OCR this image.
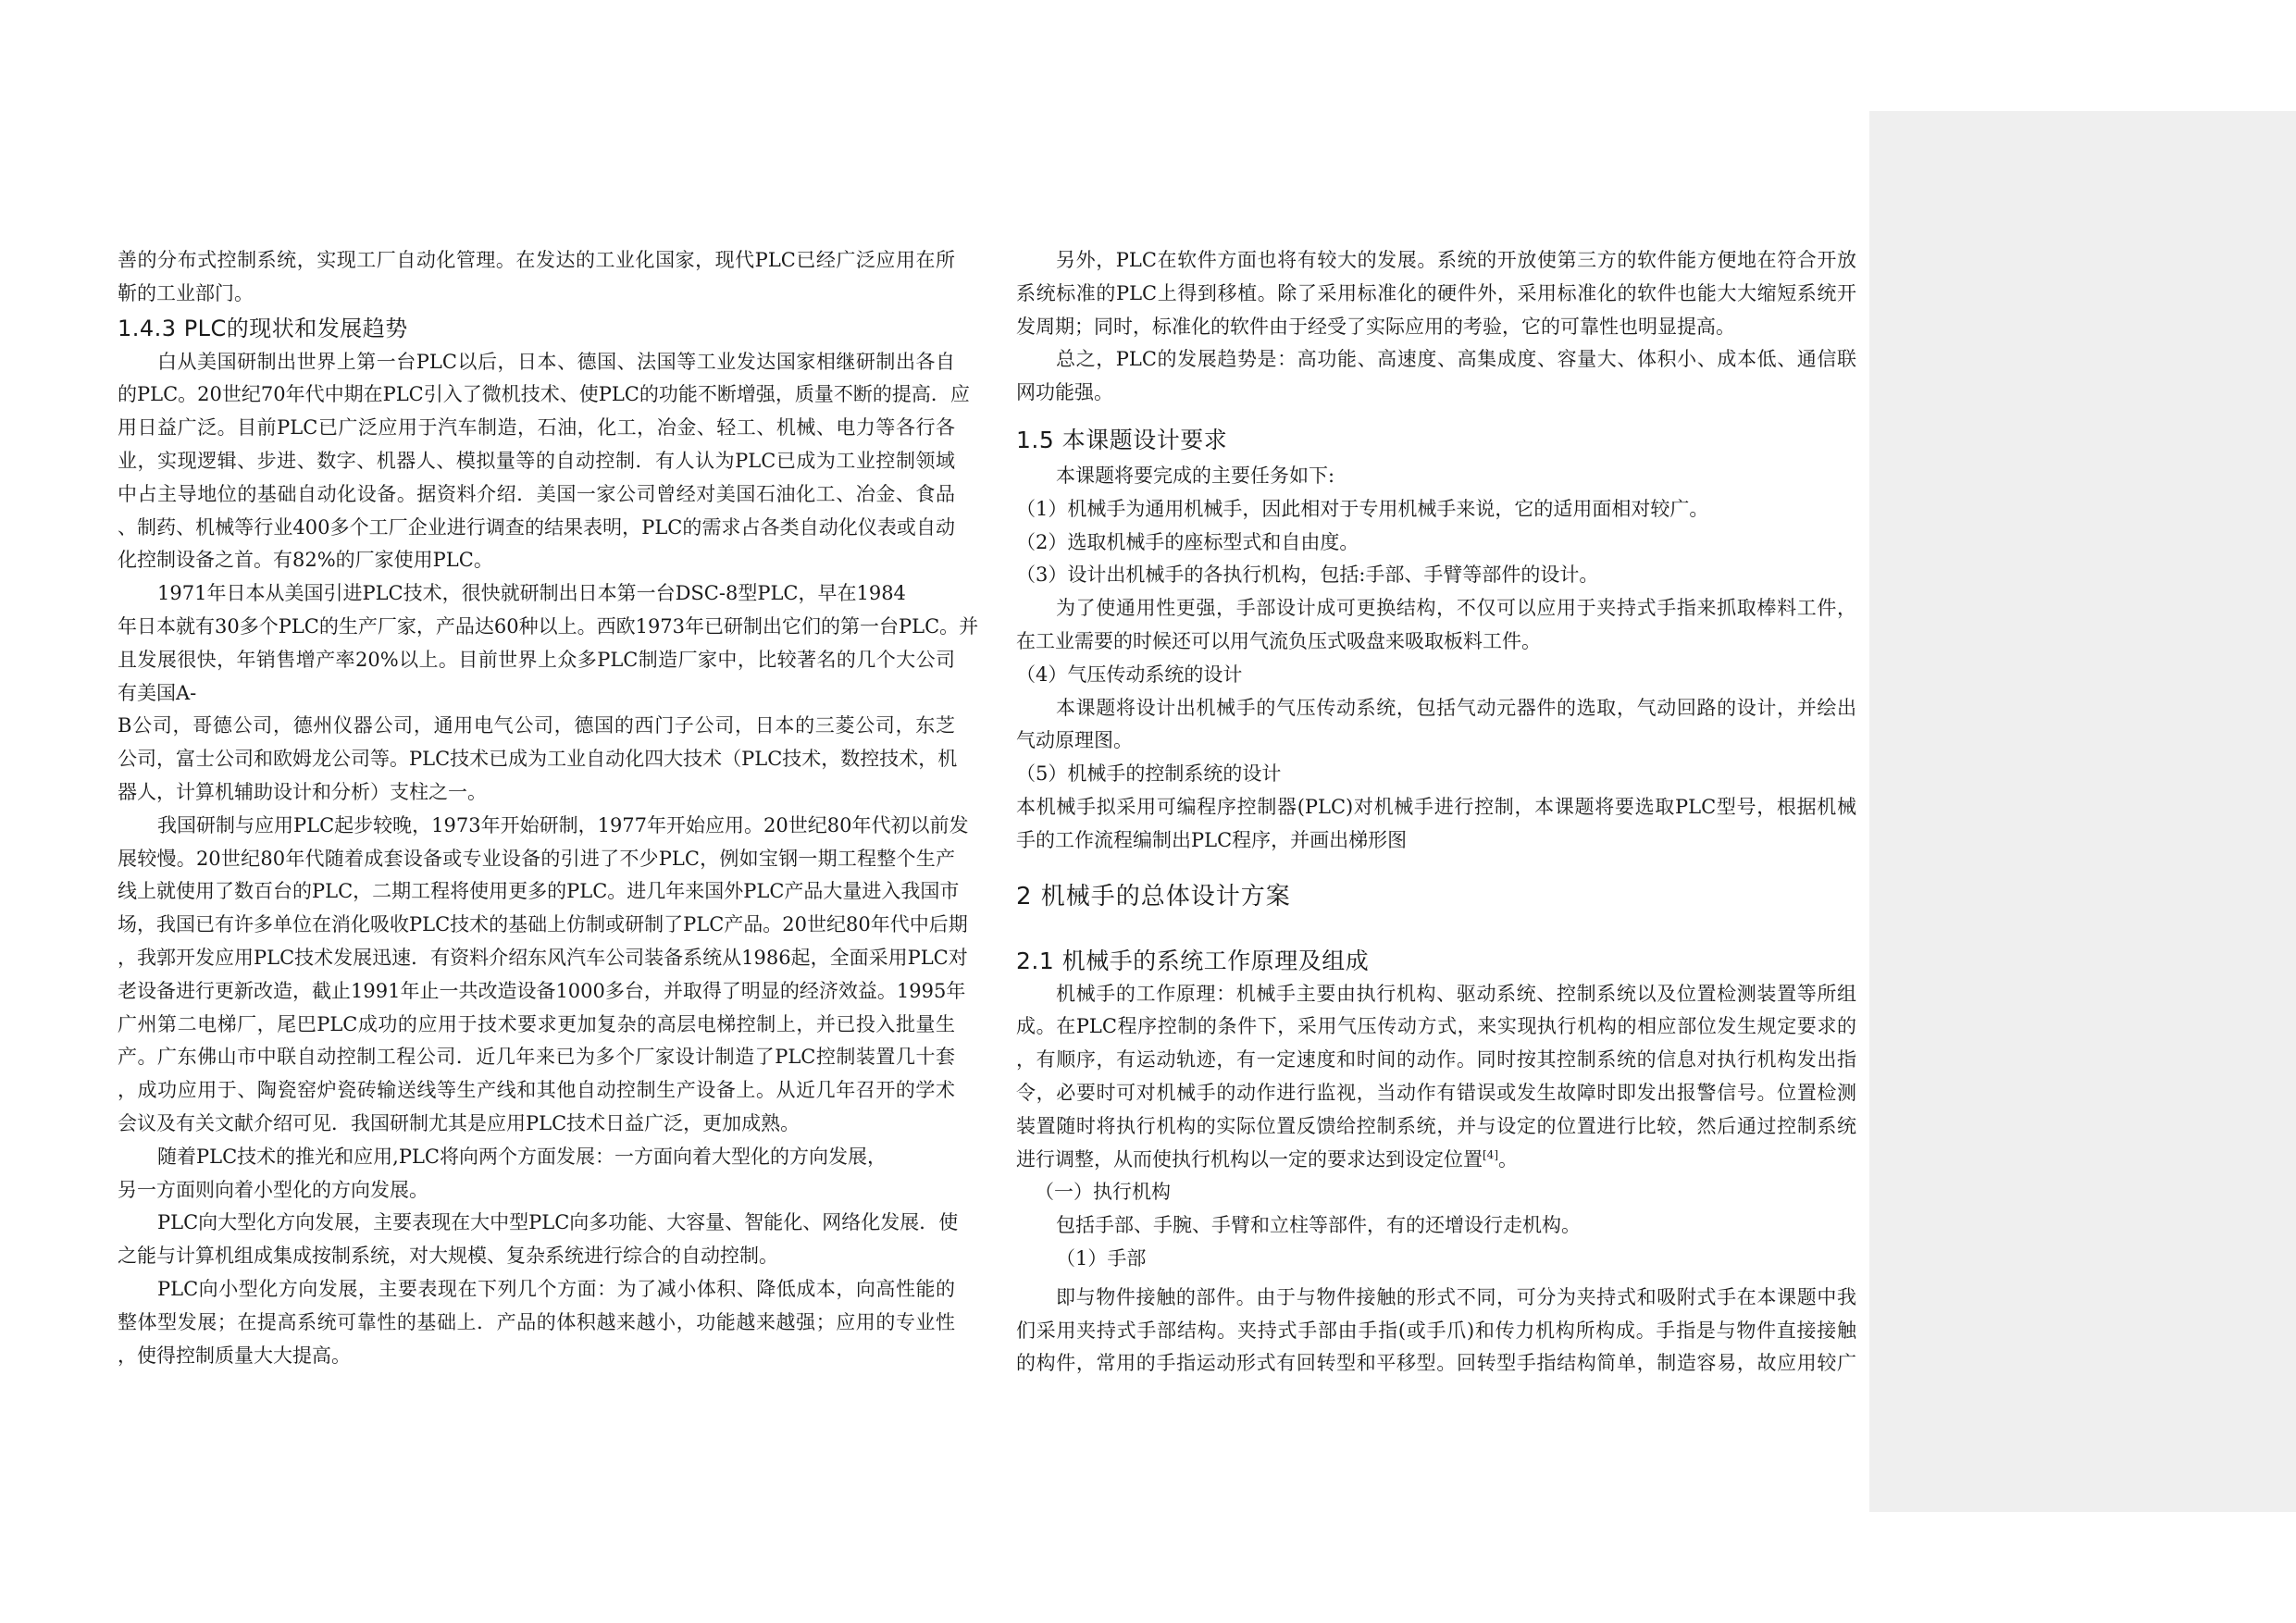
善的分布式控制系统，实现工厂自动化管理。在发达的工业化国家，现代PLC已经广泛应用在所

靳的工业部门。

1.4.3 PLC的现状和发展趋势

白从美国研制出世界上第一台PLC以后，日本、德国、法国等工业发达国家相继研制出各自

的PLC。20世纪70年代中期在PLC引入了微机技术、使PLC的功能不断增强，质量不断的提高．应

用日益广泛。目前PLC已广泛应用于汽车制造，石油，化工，冶金、轻工、机械、电力等各行各

业，实现逻辑、步进、数字、机器人、模拟量等的自动控制．有人认为PLC已成为工业控制领域

中占主导地位的基础自动化设备。据资料介绍．美国一家公司曾经对美国石油化工、冶金、食品

、制药、机械等行业400多个工厂企业进行调查的结果表明，PLC的需求占各类自动化仪表或自动

化控制设备之首。有82%的厂家使用PLC。

1971年日本从美国引进PLC技术，很快就研制出日本第一台DSC-8型PLC，早在1984

年日本就有30多个PLC的生产厂家，产品达60种以上。西欧1973年已研制出它们的第一台PLC。并

且发展很快，年销售增产率20%以上。目前世界上众多PLC制造厂家中，比较著名的几个大公司

有美国A-

B公司，哥德公司，德州仪器公司，通用电气公司，德国的西门子公司，日本的三菱公司，东芝

公司，富士公司和欧姆龙公司等。PLC技术已成为工业自动化四大技术（PLC技术，数控技术，机

器人，计算机辅助设计和分析）支柱之一。

我国研制与应用PLC起步较晚，1973年开始研制，1977年开始应用。20世纪80年代初以前发

展较慢。20世纪80年代随着成套设备或专业设备的引进了不少PLC，例如宝钢一期工程整个生产

线上就使用了数百台的PLC，二期工程将使用更多的PLC。进几年来国外PLC产品大量进入我国市

场，我国已有许多单位在消化吸收PLC技术的基础上仿制或研制了PLC产品。20世纪80年代中后期

，我郭开发应用PLC技术发展迅速．有资料介绍东风汽车公司装备系统从1986起，全面采用PLC对

老设备进行更新改造，截止1991年止一共改造设备1000多台，并取得了明显的经济效益。1995年

广州第二电梯厂，尾巴PLC成功的应用于技术要求更加复杂的高层电梯控制上，并已投入批量生

产。广东佛山市中联自动控制工程公司．近几年来已为多个厂家设计制造了PLC控制装置几十套

，成功应用于、陶瓷窑炉瓷砖输送线等生产线和其他自动控制生产设备上。从近几年召开的学术

会议及有关文献介绍可见．我国研制尤其是应用PLC技术日益广泛，更加成熟。

随着PLC技术的推光和应用,PLC将向两个方面发展：一方面向着大型化的方向发展，

另一方面则向着小型化的方向发展。

PLC向大型化方向发展，主要表现在大中型PLC向多功能、大容量、智能化、网络化发展．使

之能与计算机组成集成按制系统，对大规模、复杂系统进行综合的自动控制。

PLC向小型化方向发展，主要表现在下列几个方面：为了减小体积、降低成本，向高性能的

整体型发展；在提高系统可靠性的基础上．产品的体积越来越小，功能越来越强；应用的专业性

，使得控制质量大大提高。

另外，PLC在软件方面也将有较大的发展。系统的开放使第三方的软件能方便地在符合开放

系统标准的PLC上得到移植。除了采用标准化的硬件外，采用标准化的软件也能大大缩短系统开

发周期；同时，标准化的软件由于经受了实际应用的考验，它的可靠性也明显提高。

总之，PLC的发展趋势是：高功能、高速度、高集成度、容量大、体积小、成本低、通信联

网功能强。

1.5 本课题设计要求

本课题将要完成的主要任务如下:

（1）机械手为通用机械手，因此相对于专用机械手来说，它的适用面相对较广。

（2）选取机械手的座标型式和自由度。

（3）设计出机械手的各执行机构，包括:手部、手臂等部件的设计。

为了使通用性更强，手部设计成可更换结构，不仅可以应用于夹持式手指来抓取棒料工件，

在工业需要的时候还可以用气流负压式吸盘来吸取板料工件。

（4）气压传动系统的设计

本课题将设计出机械手的气压传动系统，包括气动元器件的选取，气动回路的设计，并绘出

气动原理图。

（5）机械手的控制系统的设计

本机械手拟采用可编程序控制器(PLC)对机械手进行控制，本课题将要选取PLC型号，根据机械

手的工作流程编制出PLC程序，并画出梯形图

2 机械手的总体设计方案
2.1 机械手的系统工作原理及组成

机械手的工作原理：机械手主要由执行机构、驱动系统、控制系统以及位置检测装置等所组

成。在PLC程序控制的条件下，采用气压传动方式，来实现执行机构的相应部位发生规定要求的

，有顺序，有运动轨迹，有一定速度和时间的动作。同时按其控制系统的信息对执行机构发出指

令，必要时可对机械手的动作进行监视，当动作有错误或发生故障时即发出报警信号。位置检测

装置随时将执行机构的实际位置反馈给控制系统，并与设定的位置进行比较，然后通过控制系统

进行调整，从而使执行机构以一定的要求达到设定位置[4]。

（一）执行机构

包括手部、手腕、手臂和立柱等部件，有的还增设行走机构。

（1）手部

即与物件接触的部件。由于与物件接触的形式不同，可分为夹持式和吸附式手在本课题中我

们采用夹持式手部结构。夹持式手部由手指(或手爪)和传力机构所构成。手指是与物件直接接触

的构件，常用的手指运动形式有回转型和平移型。回转型手指结构简单，制造容易，故应用较广
